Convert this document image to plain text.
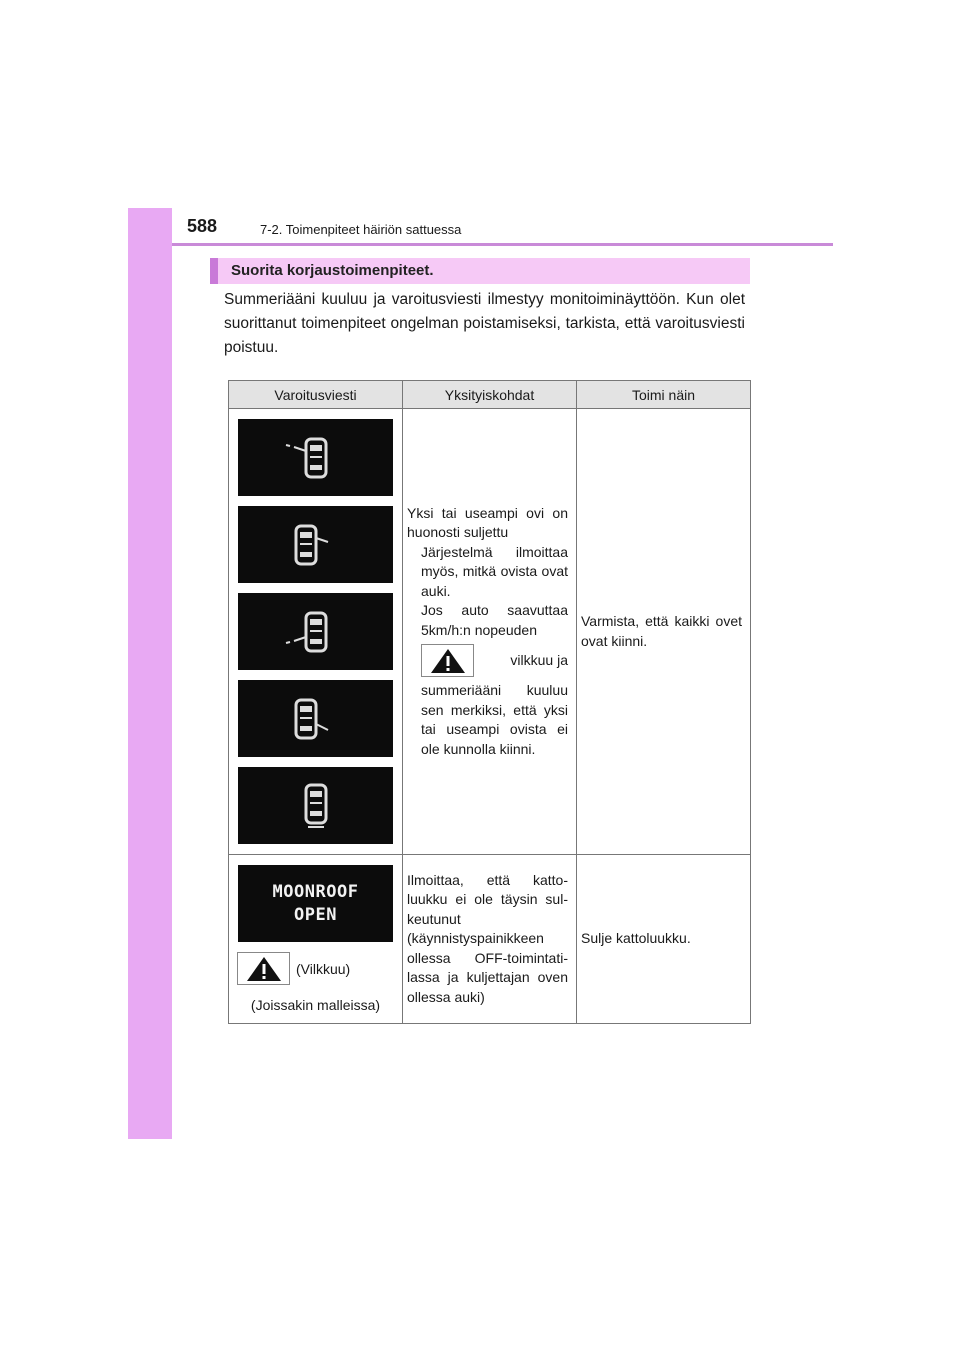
588	7-2. Toimenpiteet häiriön sattuessa
Suorita korjaustoimenpiteet.
Summeriääni kuuluu ja varoitusviesti ilmestyy monitoiminäyttöön. Kun olet suorittanut toimenpiteet ongelman poistamiseksi, tarkista, että varoitusviesti poistuu.
Varoitusviesti	Yksityiskohdat	Toimi näin

Yksi tai useampi ovi on huonosti suljettu
Järjestelmä ilmoittaa myös, mitkä ovista ovat auki.
Jos auto saavuttaa 5km/h:n nopeuden
vilkkuu ja
summeriääni kuuluu sen merkiksi, että yksi tai useampi ovista ei ole kunnolla kiinni.	Varmista, että kaikki ovet ovat kiinni.

MOONROOF
OPEN
(Vilkkuu)
(Joissakin malleissa)	Ilmoittaa, että katto-luukku ei ole täysin sul-keutunut (käynnistyspainikkeen ollessa OFF-toimintati-lassa ja kuljettajan oven ollessa auki)	Sulje kattoluukku.
